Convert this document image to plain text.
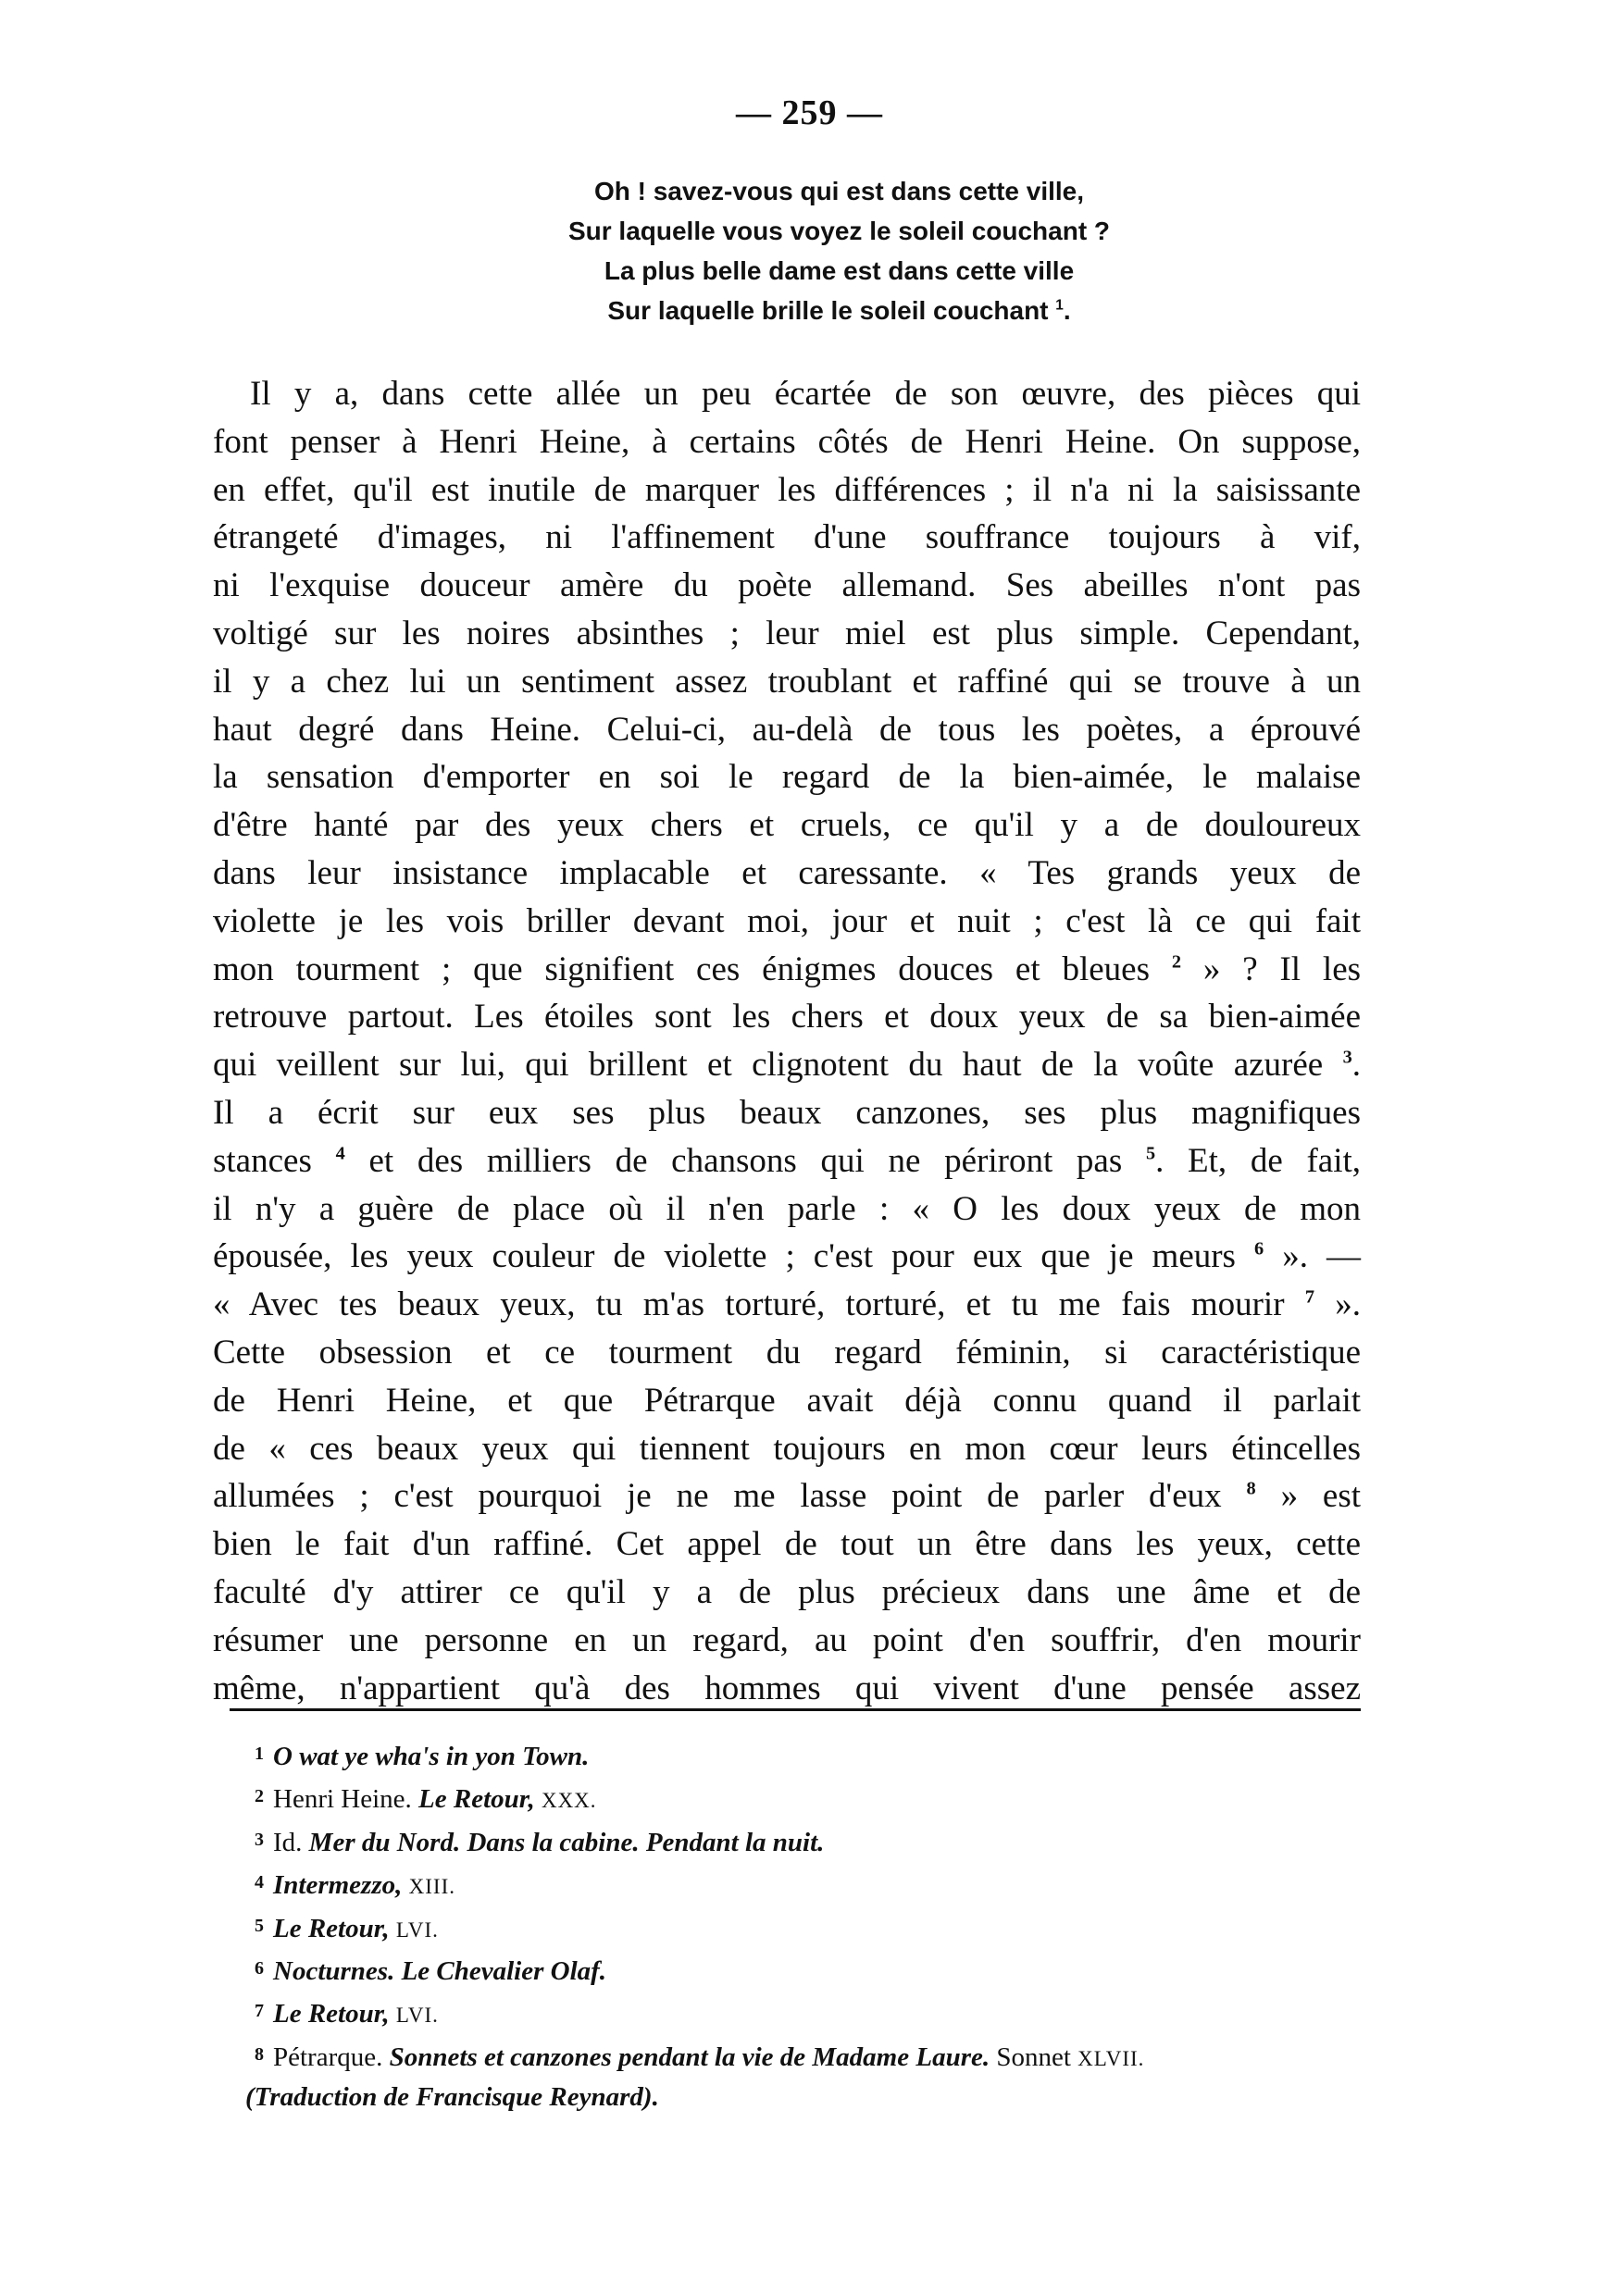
— 259 —
Oh ! savez-vous qui est dans cette ville,
Sur laquelle vous voyez le soleil couchant ?
La plus belle dame est dans cette ville
Sur laquelle brille le soleil couchant $^1$.
Il y a, dans cette allée un peu écartée de son œuvre, des pièces qui
font penser à Henri Heine, à certains côtés de Henri Heine. On suppose,
en effet, qu'il est inutile de marquer les différences ; il n'a ni la saisissante
étrangeté d'images, ni l'affinement d'une souffrance toujours à vif,
ni l'exquise douceur amère du poète allemand. Ses abeilles n'ont pas
voltigé sur les noires absinthes ; leur miel est plus simple. Cependant,
il y a chez lui un sentiment assez troublant et raffiné qui se trouve à un
haut degré dans Heine. Celui-ci, au-delà de tous les poètes, a éprouvé
la sensation d'emporter en soi le regard de la bien-aimée, le malaise
d'être hanté par des yeux chers et cruels, ce qu'il y a de douloureux
dans leur insistance implacable et caressante. « Tes grands yeux de
violette je les vois briller devant moi, jour et nuit ; c'est là ce qui fait
mon tourment ; que signifient ces énigmes douces et bleues $^2$ » ? Il les
retrouve partout. Les étoiles sont les chers et doux yeux de sa bien-aimée
qui veillent sur lui, qui brillent et clignotent du haut de la voûte azurée $^3$.
Il a écrit sur eux ses plus beaux canzones, ses plus magnifiques
stances $^4$ et des milliers de chansons qui ne périront pas $^5$. Et, de fait,
il n'y a guère de place où il n'en parle : « O les doux yeux de mon
épousée, les yeux couleur de violette ; c'est pour eux que je meurs $^6$ ». —
« Avec tes beaux yeux, tu m'as torturé, torturé, et tu me fais mourir $^7$ ».
Cette obsession et ce tourment du regard féminin, si caractéristique
de Henri Heine, et que Pétrarque avait déjà connu quand il parlait
de « ces beaux yeux qui tiennent toujours en mon cœur leurs étincelles
allumées ; c'est pourquoi je ne me lasse point de parler d'eux $^8$ » est
bien le fait d'un raffiné. Cet appel de tout un être dans les yeux, cette
faculté d'y attirer ce qu'il y a de plus précieux dans une âme et de
résumer une personne en un regard, au point d'en souffrir, d'en mourir
même, n'appartient qu'à des hommes qui vivent d'une pensée assez
$^1$ O wat ye wha's in yon Town.
$^2$ Henri Heine. Le Retour, XXX.
$^3$ Id. Mer du Nord. Dans la cabine. Pendant la nuit.
$^4$ Intermezzo, XIII.
$^5$ Le Retour, LVI.
$^6$ Nocturnes. Le Chevalier Olaf.
$^7$ Le Retour, LVI.
$^8$ Pétrarque. Sonnets et canzones pendant la vie de Madame Laure. Sonnet XLVII.
(Traduction de Francisque Reynard).
